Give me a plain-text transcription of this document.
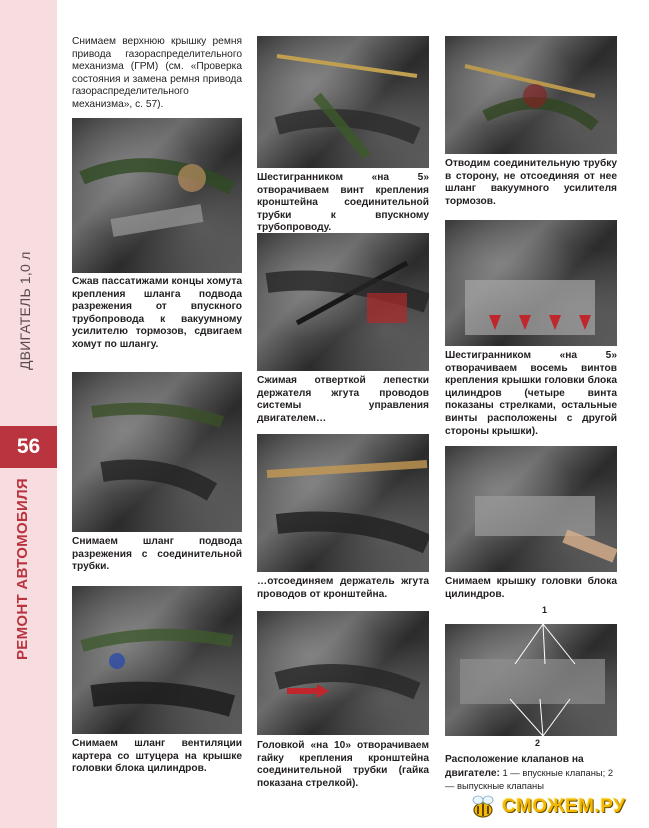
ДВИГАТЕЛЬ 1,0 л
56
РЕМОНТ АВТОМОБИЛЯ
Снимаем верхнюю крышку ремня привода газораспределительного механизма (ГРМ) (см. «Проверка состояния и замена ремня привода газораспределительного механизма», с. 57).
Сжав пассатижами концы хомута крепления шланга подвода разрежения от впускного трубопровода к вакуумному усилителю тормозов, сдвигаем хомут по шлангу.
Снимаем шланг подвода разрежения с соединительной трубки.
Снимаем шланг вентиляции картера со штуцера на крышке головки блока цилиндров.
Шестигранником «на 5» отворачиваем винт крепления кронштейна соединительной трубки к впускному трубопроводу.
Сжимая отверткой лепестки держателя жгута проводов системы управления двигателем…
…отсоединяем держатель жгута проводов от кронштейна.
Головкой «на 10» отворачиваем гайку крепления кронштейна соединительной трубки (гайка показана стрелкой).
Отводим соединительную трубку в сторону, не отсоединяя от нее шланг вакуумного усилителя тормозов.
Шестигранником «на 5» отворачиваем восемь винтов крепления крышки головки блока цилиндров (четыре винта показаны стрелками, остальные винты расположены с другой стороны крышки).
Снимаем крышку головки блока цилиндров.
1
2
Расположение клапанов на двигателе: 1 — впускные клапаны; 2 — выпускные клапаны
СМОЖЕМ.РУ
